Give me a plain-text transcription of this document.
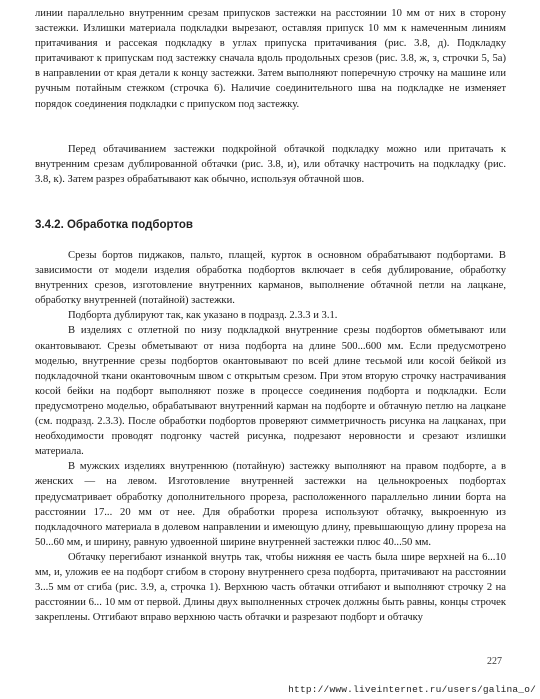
линии параллельно внутренним срезам припусков застежки на расстоянии 10 мм от них в сторону застежки. Излишки материала подкладки вырезают, оставляя припуск 10 мм к намеченным линиям притачивания и рассекая подкладку в углах припуска притачивания (рис. 3.8, д). Подкладку притачивают к припускам под застежку сначала вдоль продольных срезов (рис. 3.8, ж, з, строчки 5, 5а) в направлении от края детали к концу застежки. Затем выполняют поперечную строчку на машине или ручным потайным стежком (строчка 6). Наличие соединительного шва на подкладке не изменяет порядок соединения подкладки с припуском под застежку.

Перед обтачиванием застежки подкройной обтачкой подкладку можно или притачать к внутренним срезам дублированной обтачки (рис. 3.8, и), или обтачку настрочить на подкладку (рис. 3.8, к). Затем разрез обрабатывают как обычно, используя обтачной шов.

3.4.2. Обработка подбортов

Срезы бортов пиджаков, пальто, плащей, курток в основном обрабатывают подбортами. В зависимости от модели изделия обработка подбортов включает в себя дублирование, обработку внутренних срезов, изготовление внутренних карманов, выполнение обтачной петли на лацкане, обработку внутренней (потайной) застежки.

Подборта дублируют так, как указано в подразд. 2.3.3 и 3.1.

В изделиях с отлетной по низу подкладкой внутренние срезы подбортов обметывают или окантовывают. Срезы обметывают от низа подборта на длине 500...600 мм. Если предусмотрено моделью, внутренние срезы подбортов окантовывают по всей длине тесьмой или косой бейкой из подкладочной ткани окантовочным швом с открытым срезом. При этом вторую строчку настрачивания косой бейки на подборт выполняют позже в процессе соединения подборта и подкладки. Если предусмотрено моделью, обрабатывают внутренний карман на подборте и обтачную петлю на лацкане (см. подразд. 2.3.3). После обработки подбортов проверяют симметричность рисунка на лацканах, при необходимости проводят подгонку частей рисунка, подрезают неровности и срезают излишки материала.

В мужских изделиях внутреннюю (потайную) застежку выполняют на правом подборте, а в женских — на левом. Изготовление внутренней застежки на цельнокроеных подбортах предусматривает обработку дополнительного прореза, расположенного параллельно линии борта на расстоянии 17... 20 мм от нее. Для обработки прореза используют обтачку, выкроенную из подкладочного материала в долевом направлении и имеющую длину, превышающую длину прореза на 50...60 мм, и ширину, равную удвоенной ширине внутренней застежки плюс 40...50 мм.

Обтачку перегибают изнанкой внутрь так, чтобы нижняя ее часть была шире верхней на 6...10 мм, и, уложив ее на подборт сгибом в сторону внутреннего среза подборта, притачивают на расстоянии 3...5 мм от сгиба (рис. 3.9, а, строчка 1). Верхнюю часть обтачки отгибают и выполняют строчку 2 на расстоянии 6... 10 мм от первой. Длины двух выполненных строчек должны быть равны, концы строчек закреплены. Отгибают вправо верхнюю часть обтачки и разрезают подборт и обтачку

227
http://www.liveinternet.ru/users/galina_o/
